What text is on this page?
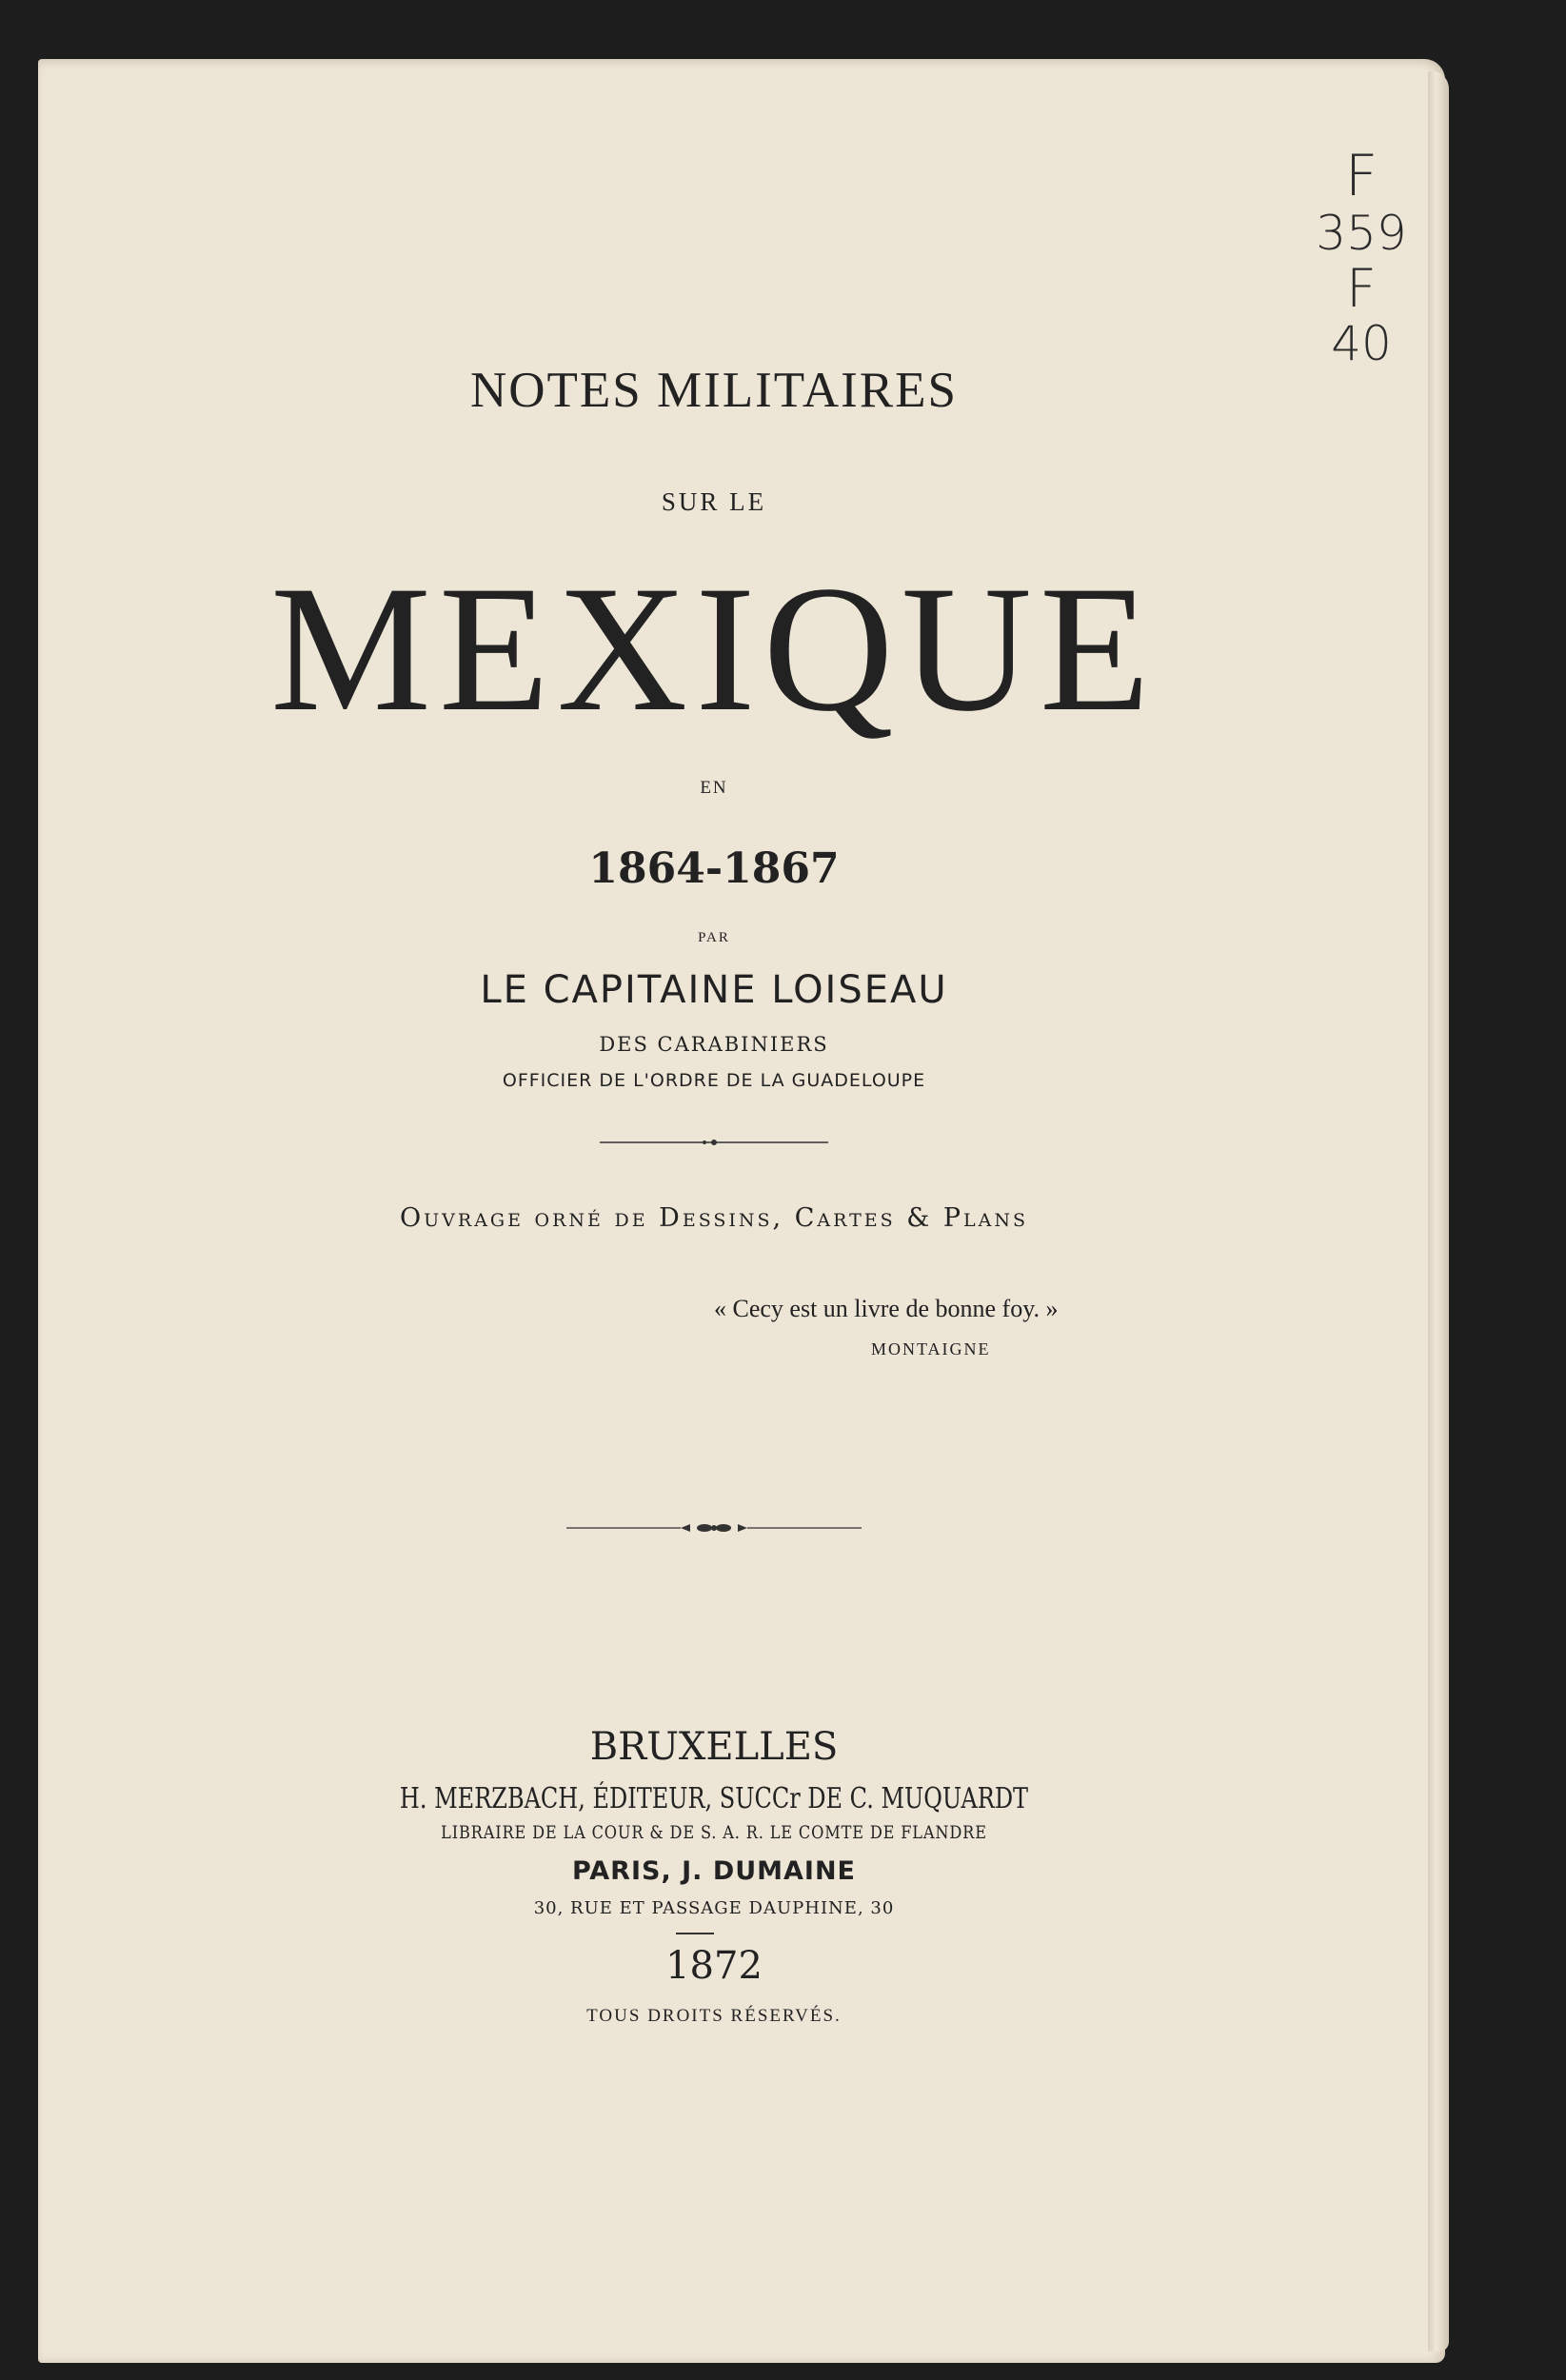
F
359
F
40
NOTES MILITAIRES
SUR LE
MEXIQUE
EN
1864-1867
PAR
LE CAPITAINE LOISEAU
DES CARABINIERS
OFFICIER DE L'ORDRE DE LA GUADELOUPE
Ouvrage orné de Dessins, Cartes & Plans
« Cecy est un livre de bonne foy. »
MONTAIGNE
BRUXELLES
H. MERZBACH, ÉDITEUR, SUCCr DE C. MUQUARDT
LIBRAIRE DE LA COUR & DE S. A. R. LE COMTE DE FLANDRE
PARIS, J. DUMAINE
30, RUE ET PASSAGE DAUPHINE, 30
1872
TOUS DROITS RÉSERVÉS.
